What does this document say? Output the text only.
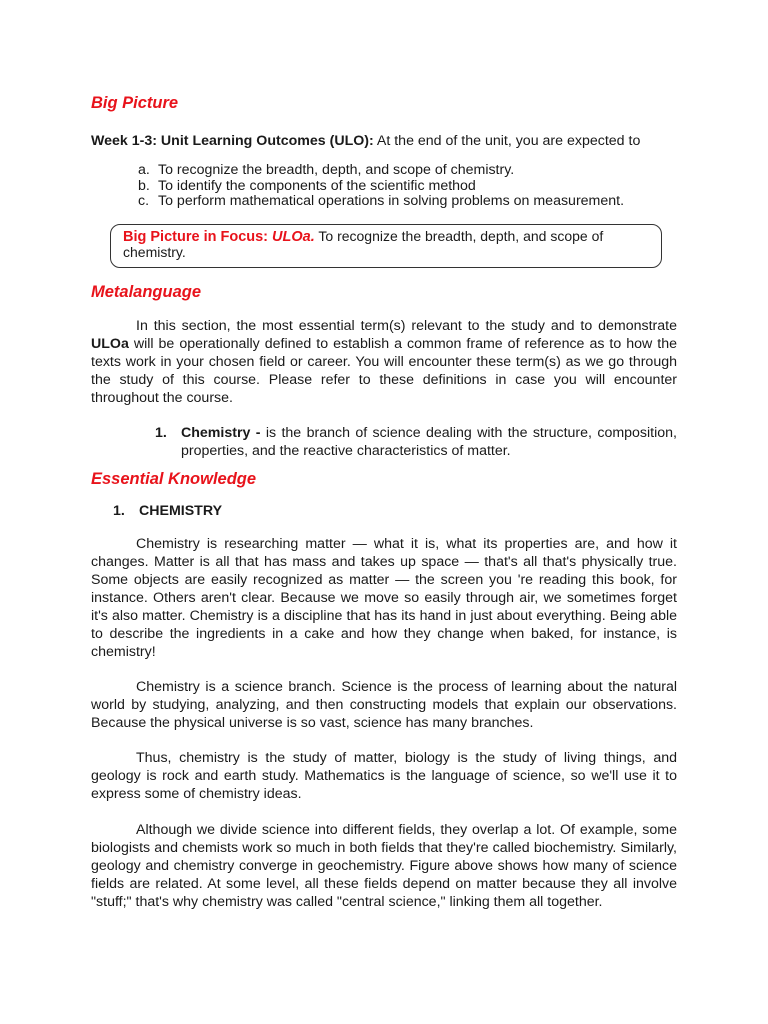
Big Picture
Week 1-3: Unit Learning Outcomes (ULO): At the end of the unit, you are expected to
a. To recognize the breadth, depth, and scope of chemistry.
b. To identify the components of the scientific method
c. To perform mathematical operations in solving problems on measurement.
Big Picture in Focus: ULOa. To recognize the breadth, depth, and scope of chemistry.
Metalanguage
In this section, the most essential term(s) relevant to the study and to demonstrate ULOa will be operationally defined to establish a common frame of reference as to how the texts work in your chosen field or career. You will encounter these term(s) as we go through the study of this course. Please refer to these definitions in case you will encounter throughout the course.
1. Chemistry - is the branch of science dealing with the structure, composition, properties, and the reactive characteristics of matter.
Essential Knowledge
1. CHEMISTRY

Chemistry is researching matter — what it is, what its properties are, and how it changes. Matter is all that has mass and takes up space — that's all that's physically true. Some objects are easily recognized as matter — the screen you 're reading this book, for instance. Others aren't clear. Because we move so easily through air, we sometimes forget it's also matter. Chemistry is a discipline that has its hand in just about everything. Being able to describe the ingredients in a cake and how they change when baked, for instance, is chemistry!

Chemistry is a science branch. Science is the process of learning about the natural world by studying, analyzing, and then constructing models that explain our observations. Because the physical universe is so vast, science has many branches.

Thus, chemistry is the study of matter, biology is the study of living things, and geology is rock and earth study. Mathematics is the language of science, so we'll use it to express some of chemistry ideas.

Although we divide science into different fields, they overlap a lot. Of example, some biologists and chemists work so much in both fields that they're called biochemistry. Similarly, geology and chemistry converge in geochemistry. Figure above shows how many of science fields are related. At some level, all these fields depend on matter because they all involve "stuff;" that's why chemistry was called "central science," linking them all together.
